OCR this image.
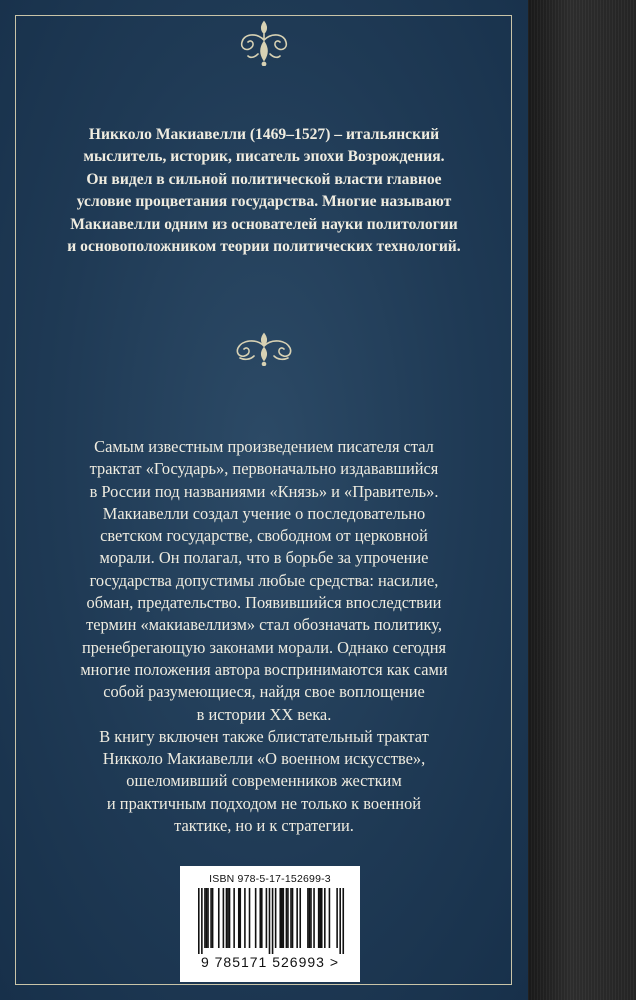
Никколо Макиавелли (1469–1527) – итальянский
мыслитель, историк, писатель эпохи Возрождения.
Он видел в сильной политической власти главное
условие процветания государства. Многие называют
Макиавелли одним из основателей науки политологии
и основоположником теории политических технологий.
Самым известным произведением писателя стал
трактат «Государь», первоначально издававшийся
в России под названиями «Князь» и «Правитель».
Макиавелли создал учение о последовательно
светском государстве, свободном от церковной
морали. Он полагал, что в борьбе за упрочение
государства допустимы любые средства: насилие,
обман, предательство. Появившийся впоследствии
термин «макиавеллизм» стал обозначать политику,
пренебрегающую законами морали. Однако сегодня
многие положения автора воспринимаются как сами
собой разумеющиеся, найдя свое воплощение
в истории XX века.
В книгу включен также блистательный трактат
Никколо Макиавелли «О военном искусстве»,
ошеломивший современников жестким
и практичным подходом не только к военной
тактике, но и к стратегии.
ISBN 978-5-17-152699-3
9 785171 526993 >
